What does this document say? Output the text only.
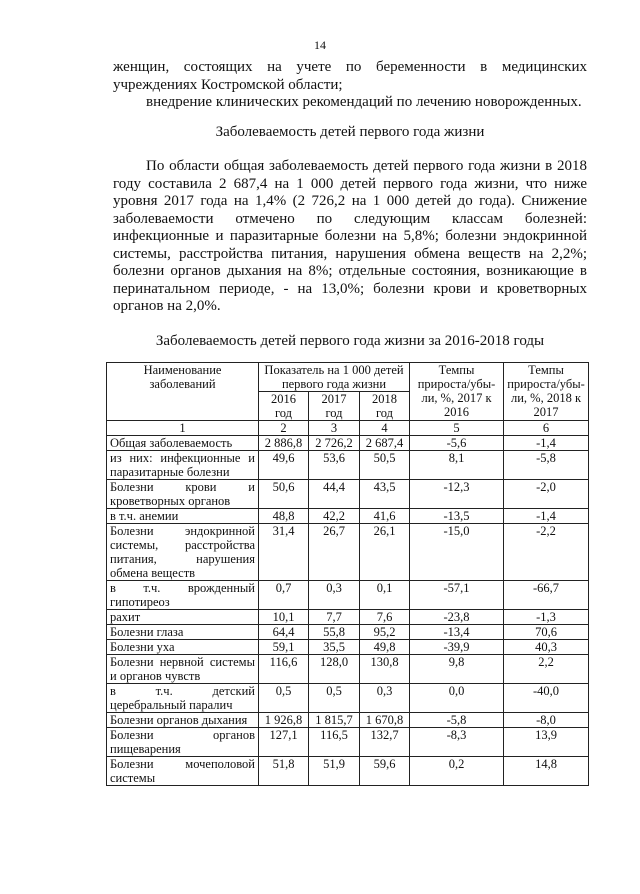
14

женщин, состоящих на учете по беременности в медицинских

учреждениях Костромской области;

внедрение клинических рекомендаций по лечению новорожденных.

Заболеваемость детей первого года жизни

По области общая заболеваемость детей первого года жизни в 2018 году составила 2 687,4 на 1 000 детей первого года жизни, что ниже уровня 2017 года на 1,4% (2 726,2 на 1 000 детей до года). Снижение заболеваемости отмечено по следующим классам болезней: инфекционные и паразитарные болезни на 5,8%; болезни эндокринной системы, расстройства питания, нарушения обмена веществ на 2,2%; болезни органов дыхания на 8%; отдельные состояния, возникающие в перинатальном периоде, - на 13,0%; болезни крови и кроветворных органов на 2,0%.

Заболеваемость детей первого года жизни за 2016-2018 годы
Наименование заболеваний	Показатель на 1 000 детей первого года жизни			Темпы прироста/убы-ли, %, 2017 к 2016	Темпы прироста/убы-ли, %, 2018 к 2017
	2016 год	2017 год	2018 год		
1	2	3	4	5	6
Общая заболеваемость	2 886,8	2 726,2	2 687,4	-5,6	-1,4
из них: инфекционные и паразитарные болезни	49,6	53,6	50,5	8,1	-5,8
Болезни крови и кроветворных органов	50,6	44,4	43,5	-12,3	-2,0
в т.ч. анемии	48,8	42,2	41,6	-13,5	-1,4
Болезни эндокринной системы, расстройства питания, нарушения обмена веществ	31,4	26,7	26,1	-15,0	-2,2
в т.ч. врожденный гипотиреоз	0,7	0,3	0,1	-57,1	-66,7
рахит	10,1	7,7	7,6	-23,8	-1,3
Болезни глаза	64,4	55,8	95,2	-13,4	70,6
Болезни уха	59,1	35,5	49,8	-39,9	40,3
Болезни нервной системы и органов чувств	116,6	128,0	130,8	9,8	2,2
в т.ч. детский церебральный паралич	0,5	0,5	0,3	0,0	-40,0
Болезни органов дыхания	1 926,8	1 815,7	1 670,8	-5,8	-8,0
Болезни органов пищеварения	127,1	116,5	132,7	-8,3	13,9
Болезни мочеполовой системы	51,8	51,9	59,6	0,2	14,8
